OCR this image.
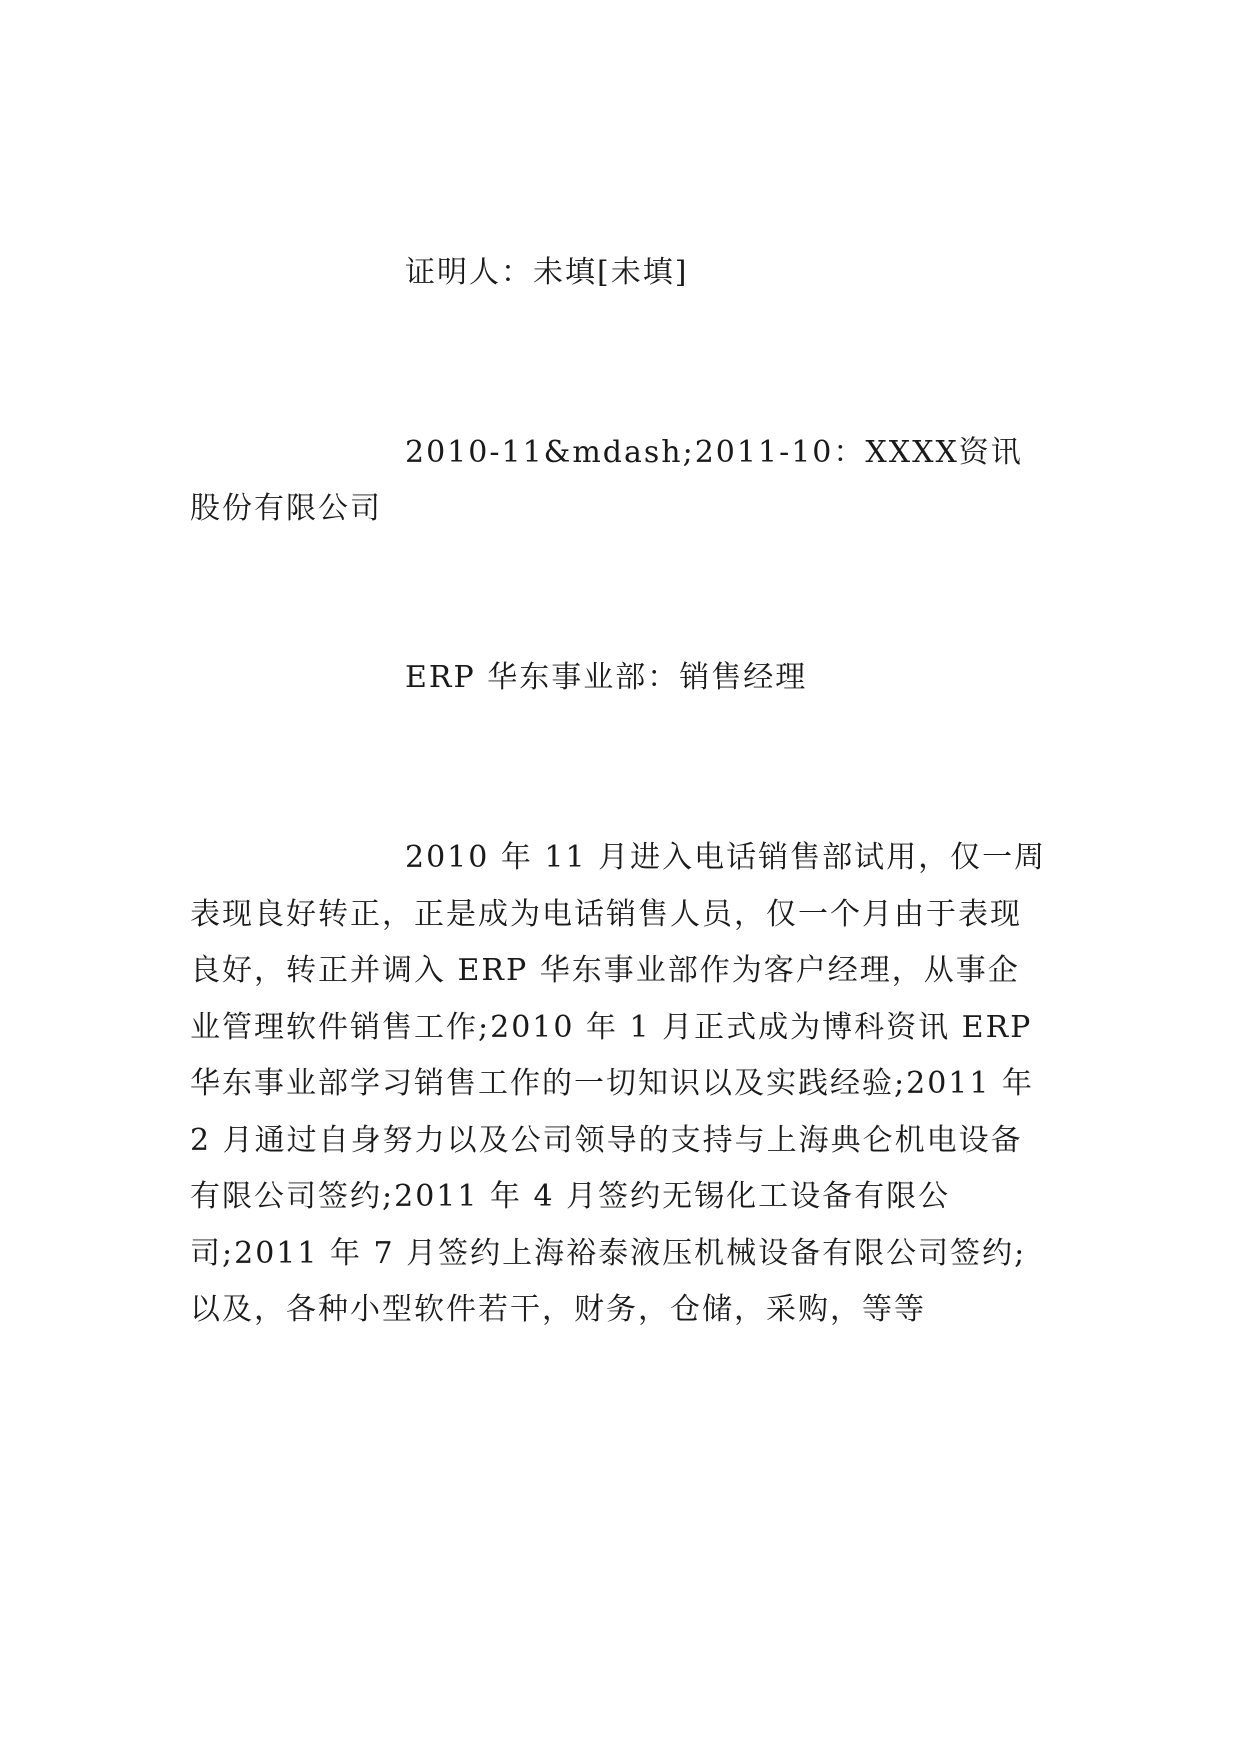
证明人：未填[未填]

2010-11&mdash;2011-10：XXXX资讯股份有限公司

ERP 华东事业部：销售经理

2010 年 11 月进入电话销售部试用，仅一周表现良好转正，正是成为电话销售人员，仅一个月由于表现良好，转正并调入 ERP 华东事业部作为客户经理，从事企业管理软件销售工作;2010 年 1 月正式成为博科资讯 ERP 华东事业部学习销售工作的一切知识以及实践经验;2011 年 2 月通过自身努力以及公司领导的支持与上海典仑机电设备有限公司签约;2011 年 4 月签约无锡化工设备有限公司;2011 年 7 月签约上海裕泰液压机械设备有限公司签约;以及，各种小型软件若干，财务，仓储，采购，等等
